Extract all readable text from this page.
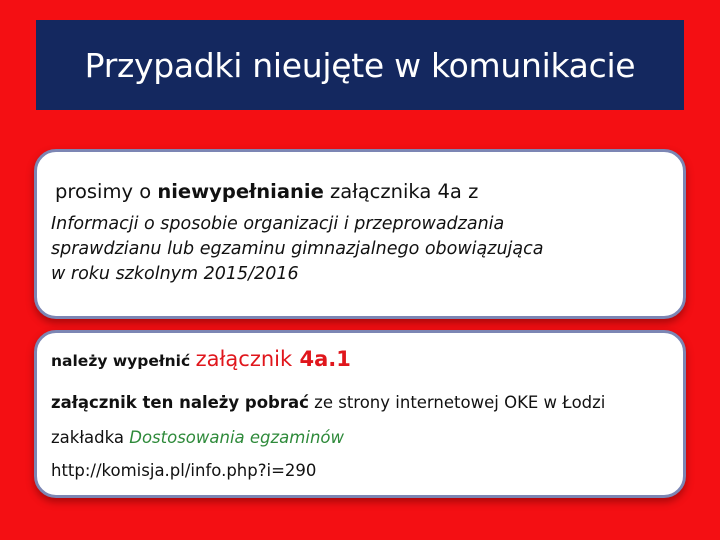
Przypadki nieujęte w komunikacie
prosimy o niewypełnianie załącznika 4a z
Informacji o sposobie organizacji i przeprowadzania
sprawdzianu lub egzaminu gimnazjalnego obowiązująca
w roku szkolnym 2015/2016
należy wypełnić załącznik 4a.1
załącznik ten należy pobrać ze strony internetowej OKE w Łodzi
zakładka Dostosowania egzaminów
http://komisja.pl/info.php?i=290
